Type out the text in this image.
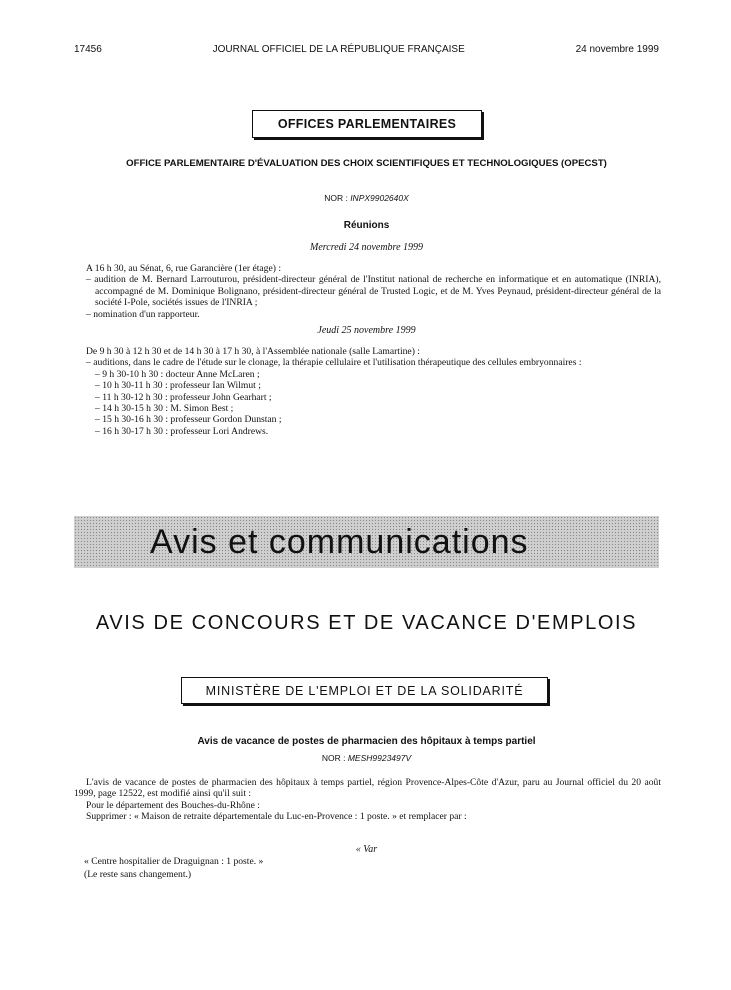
17456	JOURNAL OFFICIEL DE LA RÉPUBLIQUE FRANÇAISE	24 novembre 1999
OFFICES PARLEMENTAIRES
OFFICE PARLEMENTAIRE D'ÉVALUATION DES CHOIX SCIENTIFIQUES ET TECHNOLOGIQUES (OPECST)
NOR : INPX9902640X
Réunions
Mercredi 24 novembre 1999

A 16 h 30, au Sénat, 6, rue Garancière (1er étage) :

– audition de M. Bernard Larrouturou, président-directeur général de l'Institut national de recherche en informatique et en automatique (INRIA), accompagné de M. Dominique Bolignano, président-directeur général de Trusted Logic, et de M. Yves Peynaud, président-directeur général de la société I-Pole, sociétés issues de l'INRIA ;

– nomination d'un rapporteur.

Jeudi 25 novembre 1999

De 9 h 30 à 12 h 30 et de 14 h 30 à 17 h 30, à l'Assemblée nationale (salle Lamartine) :

– auditions, dans le cadre de l'étude sur le clonage, la thérapie cellulaire et l'utilisation thérapeutique des cellules embryonnaires :

– 9 h 30-10 h 30 : docteur Anne McLaren ;

– 10 h 30-11 h 30 : professeur Ian Wilmut ;

– 11 h 30-12 h 30 : professeur John Gearhart ;

– 14 h 30-15 h 30 : M. Simon Best ;

– 15 h 30-16 h 30 : professeur Gordon Dunstan ;

– 16 h 30-17 h 30 : professeur Lori Andrews.

Avis et communications
AVIS DE CONCOURS ET DE VACANCE D'EMPLOIS
MINISTÈRE DE L'EMPLOI ET DE LA SOLIDARITÉ
Avis de vacance de postes de pharmacien des hôpitaux à temps partiel
NOR : MESH9923497V

L'avis de vacance de postes de pharmacien des hôpitaux à temps partiel, région Provence-Alpes-Côte d'Azur, paru au Journal officiel du 20 août 1999, page 12522, est modifié ainsi qu'il suit :

Pour le département des Bouches-du-Rhône :

Supprimer : « Maison de retraite départementale du Luc-en-Provence : 1 poste. » et remplacer par :

« Var

« Centre hospitalier de Draguignan : 1 poste. »

(Le reste sans changement.)
